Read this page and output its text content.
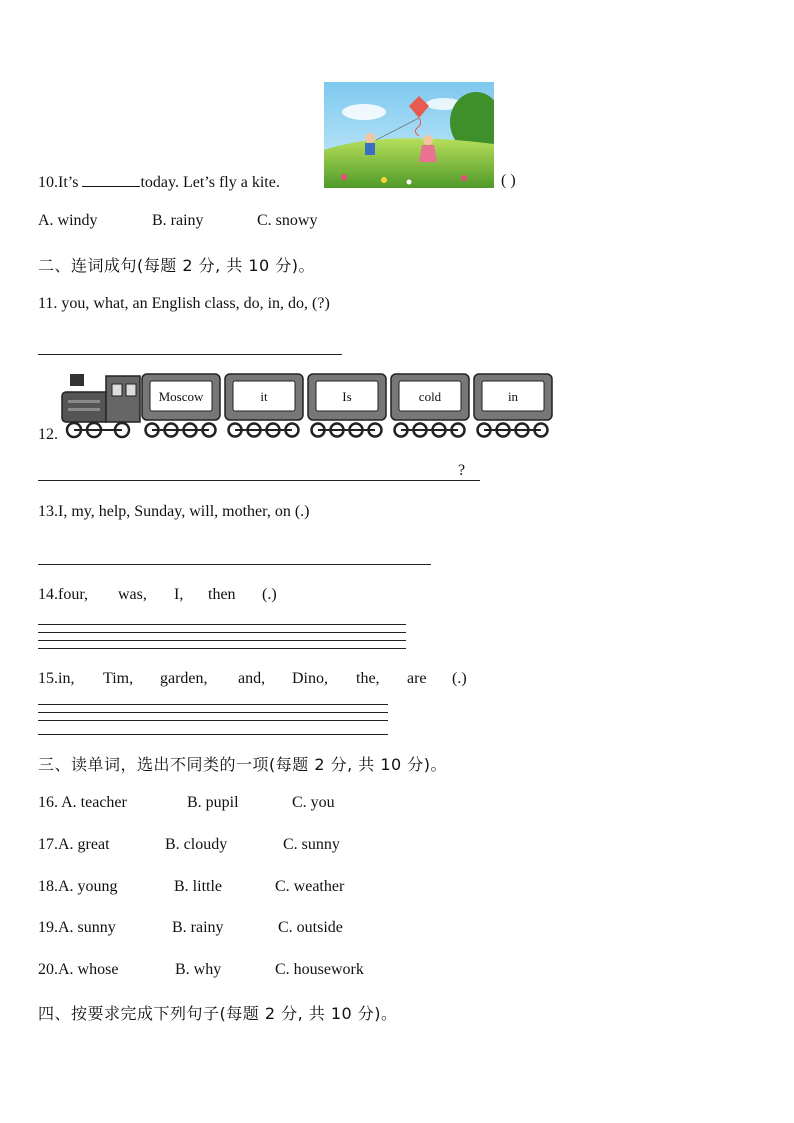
10.It’s	today. Let’s fly a kite.	( )
A. windy	B. rainy	C. snowy
二、连词成句(每题 2 分, 共 10 分)。
11. you, what, an English class, do, in, do, (?)
12.
Moscow	it	Is	cold	in
?
13.I, my, help, Sunday, will, mother, on (.)
14.four, was, I, then (.)
15.in, Tim, garden, and, Dino, the, are (.)
三、读单词，选出不同类的一项(每题 2 分, 共 10 分)。
16. A. teacher	B. pupil	C. you
17.A. great	B. cloudy	C. sunny
18.A. young	B. little	C. weather
19.A. sunny	B. rainy	C. outside
20.A. whose	B. why	C. housework
四、按要求完成下列句子(每题 2 分, 共 10 分)。
